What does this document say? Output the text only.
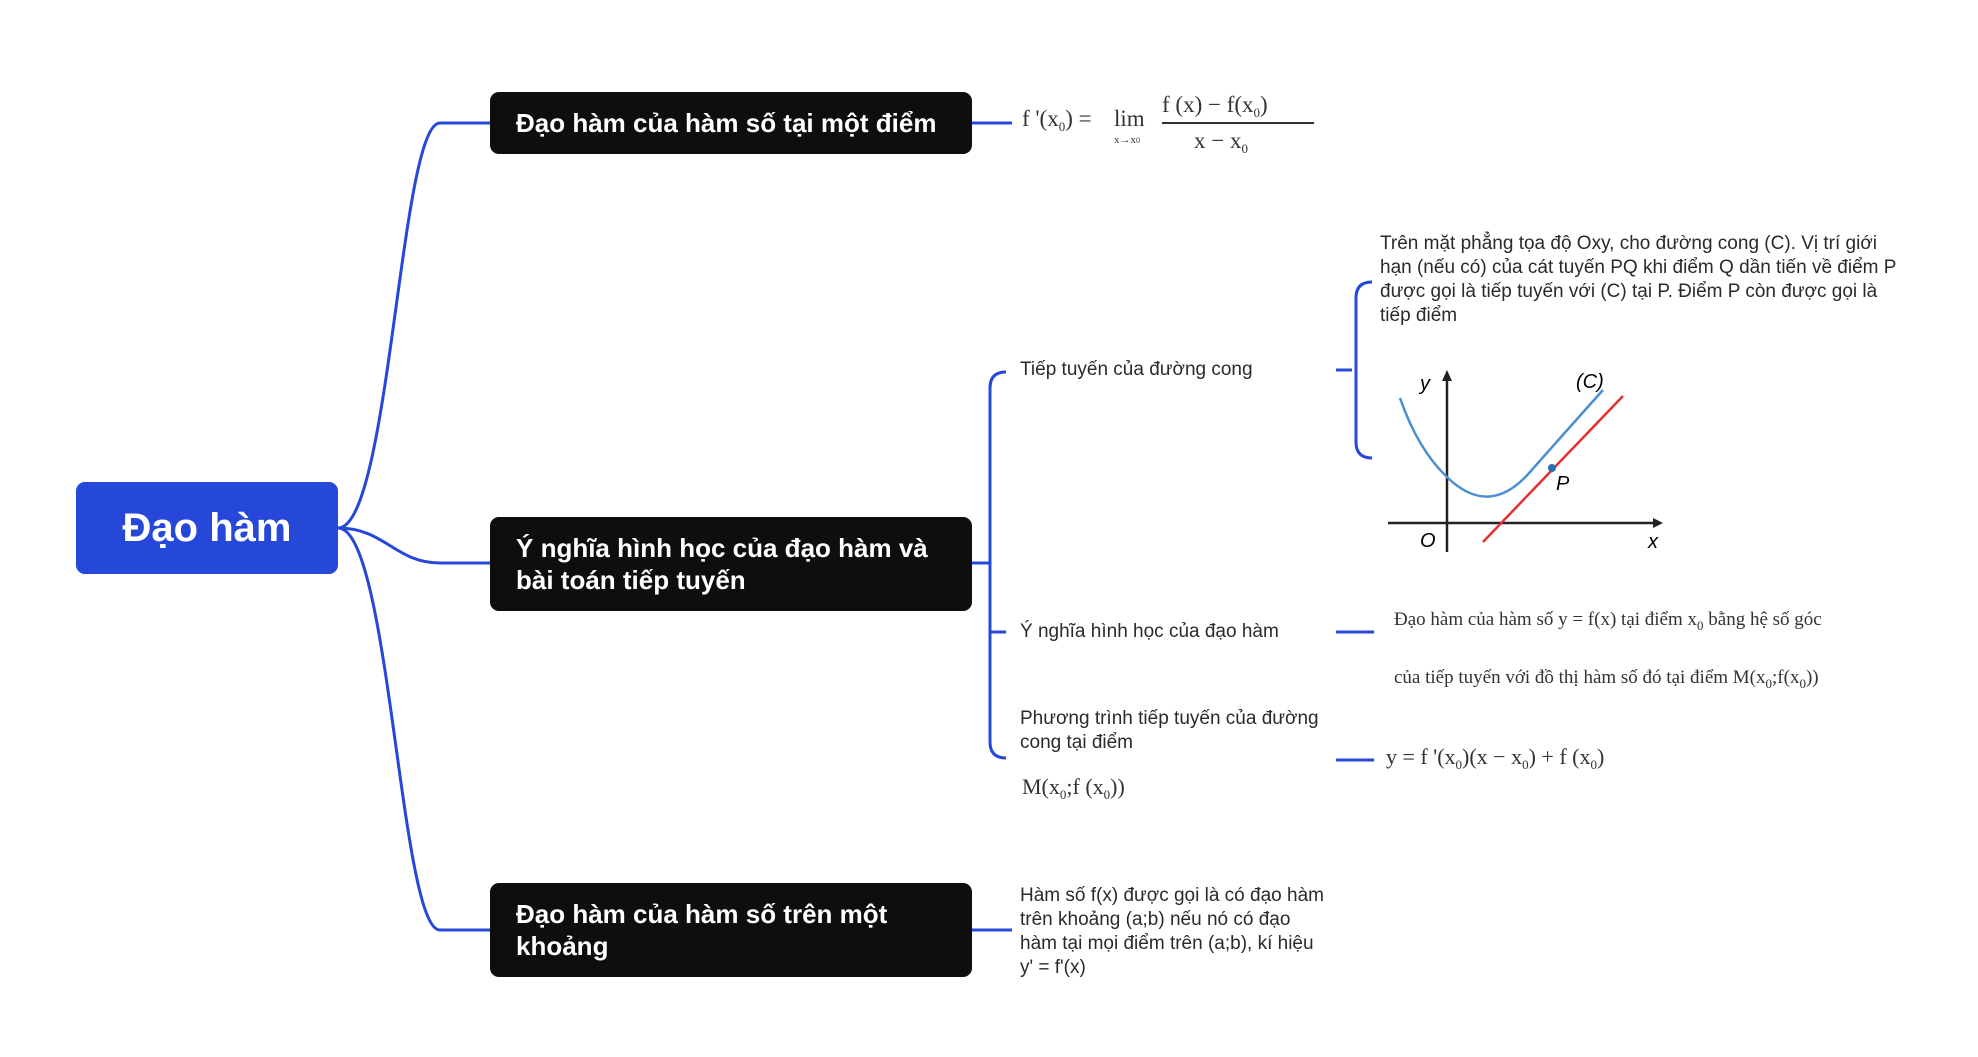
Đạo hàm
Đạo hàm của hàm số tại một điểm
Ý nghĩa hình học của đạo hàm và bài toán tiếp tuyến
Đạo hàm của hàm số trên một khoảng
f '$(x_0) = \lim$
x→x0
f $(x) - f(x_0)$
$x - x_0$
Tiếp tuyến của đường cong
Ý nghĩa hình học của đạo hàm
Phương trình tiếp tuyến của đường cong tại điểm
$M(x_0;f$ $(x_0)$)
Trên mặt phẳng tọa độ Oxy, cho đường cong (C). Vị trí giới hạn (nếu có) của cát tuyến PQ khi điểm Q dần tiến về điểm P được gọi là tiếp tuyến với (C) tại P. Điểm P còn được gọi là tiếp điểm
y
x
O
(C)
P
Đạo hàm của hàm số y = f(x) tại điểm $x_0$ bằng hệ số góc
của tiếp tuyến với đồ thị hàm số đó tại điểm $M(x_0;f(x_0))$
y = f '$(x_0)(x - x_0) + f$ $(x_0)$
Hàm số f(x) được gọi là có đạo hàm trên khoảng (a;b) nếu nó có đạo hàm tại mọi điểm trên (a;b), kí hiệu y' = f'(x)
